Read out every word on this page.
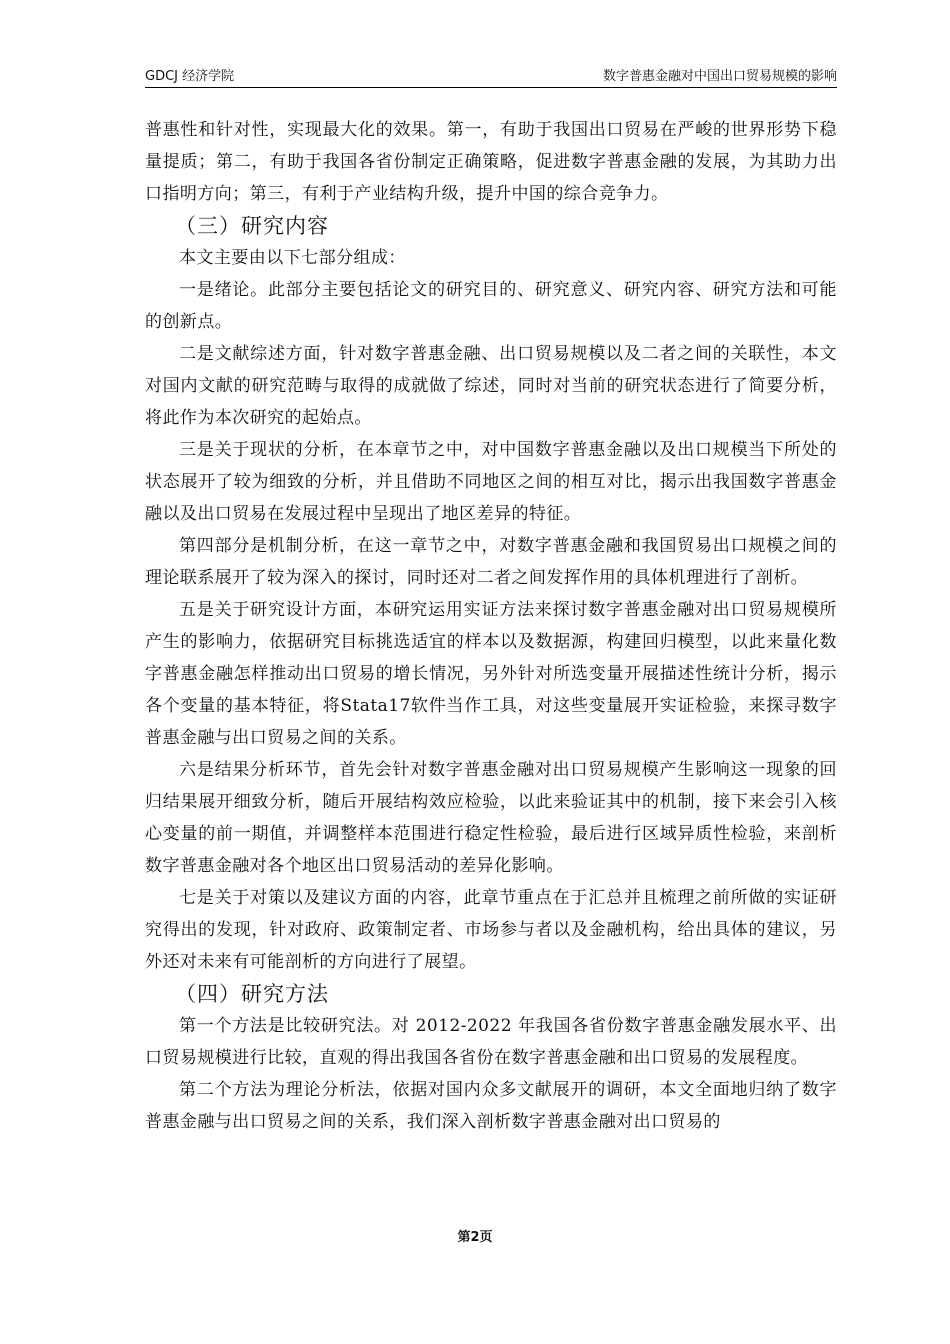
GDCJ 经济学院	数字普惠金融对中国出口贸易规模的影响

普惠性和针对性，实现最大化的效果。第一，有助于我国出口贸易在严峻的世界形势下稳量提质；第二，有助于我国各省份制定正确策略，促进数字普惠金融的发展，为其助力出口指明方向；第三，有利于产业结构升级，提升中国的综合竞争力。

（三）研究内容

本文主要由以下七部分组成：

一是绪论。此部分主要包括论文的研究目的、研究意义、研究内容、研究方法和可能的创新点。

二是文献综述方面，针对数字普惠金融、出口贸易规模以及二者之间的关联性，本文对国内文献的研究范畴与取得的成就做了综述，同时对当前的研究状态进行了简要分析，将此作为本次研究的起始点。

三是关于现状的分析，在本章节之中，对中国数字普惠金融以及出口规模当下所处的状态展开了较为细致的分析，并且借助不同地区之间的相互对比，揭示出我国数字普惠金融以及出口贸易在发展过程中呈现出了地区差异的特征。

第四部分是机制分析，在这一章节之中，对数字普惠金融和我国贸易出口规模之间的理论联系展开了较为深入的探讨，同时还对二者之间发挥作用的具体机理进行了剖析。

五是关于研究设计方面，本研究运用实证方法来探讨数字普惠金融对出口贸易规模所产生的影响力，依据研究目标挑选适宜的样本以及数据源，构建回归模型，以此来量化数字普惠金融怎样推动出口贸易的增长情况，另外针对所选变量开展描述性统计分析，揭示各个变量的基本特征，将Stata17软件当作工具，对这些变量展开实证检验，来探寻数字普惠金融与出口贸易之间的关系。

六是结果分析环节，首先会针对数字普惠金融对出口贸易规模产生影响这一现象的回归结果展开细致分析，随后开展结构效应检验，以此来验证其中的机制，接下来会引入核心变量的前一期值，并调整样本范围进行稳定性检验，最后进行区域异质性检验，来剖析数字普惠金融对各个地区出口贸易活动的差异化影响。

七是关于对策以及建议方面的内容，此章节重点在于汇总并且梳理之前所做的实证研究得出的发现，针对政府、政策制定者、市场参与者以及金融机构，给出具体的建议，另外还对未来有可能剖析的方向进行了展望。

（四）研究方法

第一个方法是比较研究法。对 2012-2022 年我国各省份数字普惠金融发展水平、出口贸易规模进行比较，直观的得出我国各省份在数字普惠金融和出口贸易的发展程度。

第二个方法为理论分析法，依据对国内众多文献展开的调研，本文全面地归纳了数字普惠金融与出口贸易之间的关系，我们深入剖析数字普惠金融对出口贸易的

第2页
